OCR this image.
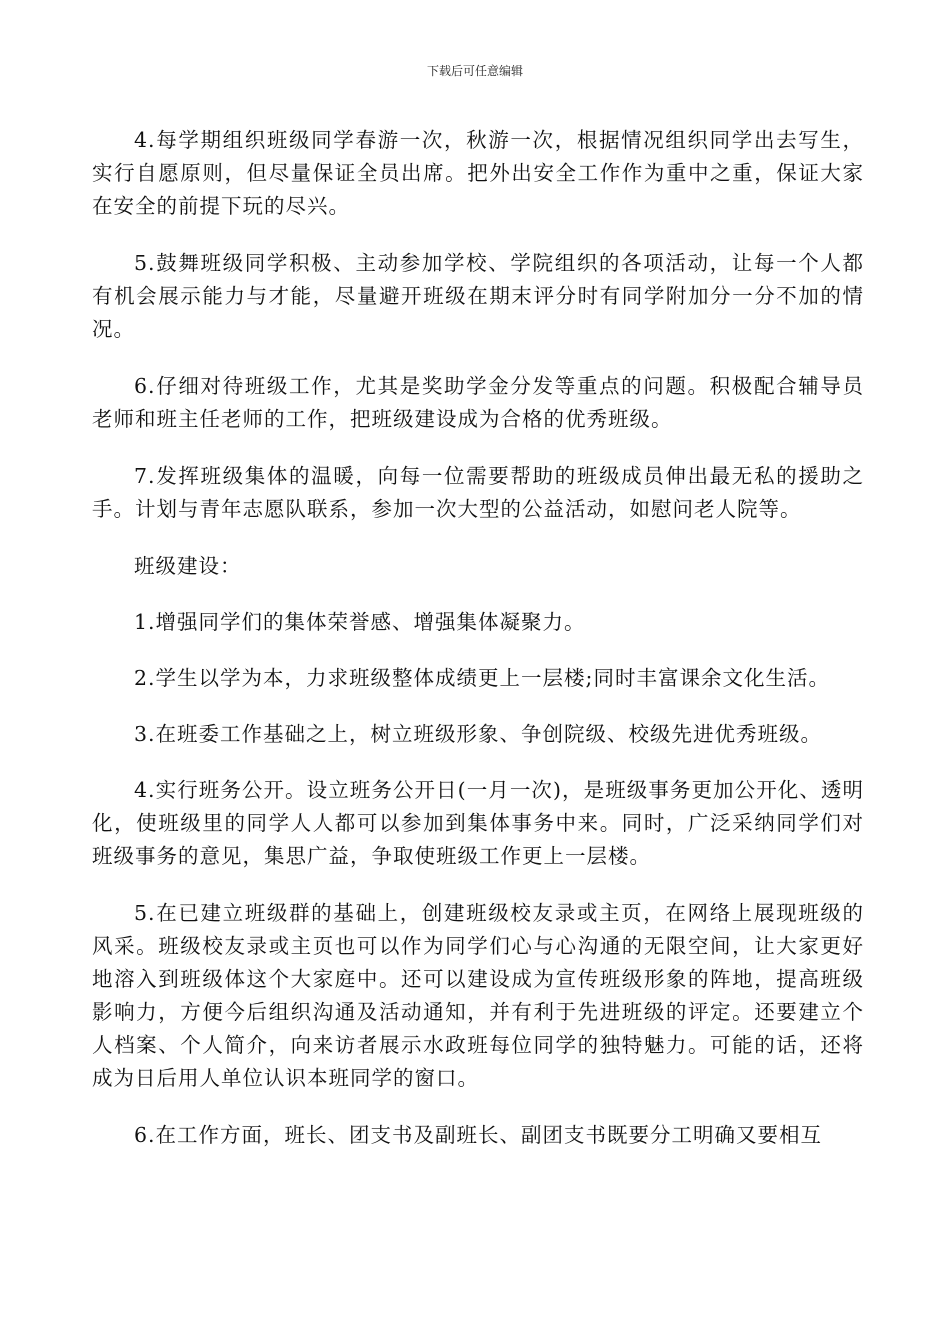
下载后可任意编辑

4.每学期组织班级同学春游一次，秋游一次，根据情况组织同学出去写生，实行自愿原则，但尽量保证全员出席。把外出安全工作作为重中之重，保证大家在安全的前提下玩的尽兴。

5.鼓舞班级同学积极、主动参加学校、学院组织的各项活动，让每一个人都有机会展示能力与才能，尽量避开班级在期末评分时有同学附加分一分不加的情况。

6.仔细对待班级工作，尤其是奖助学金分发等重点的问题。积极配合辅导员老师和班主任老师的工作，把班级建设成为合格的优秀班级。

7.发挥班级集体的温暖，向每一位需要帮助的班级成员伸出最无私的援助之手。计划与青年志愿队联系，参加一次大型的公益活动，如慰问老人院等。

班级建设：

1.增强同学们的集体荣誉感、增强集体凝聚力。

2.学生以学为本，力求班级整体成绩更上一层楼;同时丰富课余文化生活。

3.在班委工作基础之上，树立班级形象、争创院级、校级先进优秀班级。

4.实行班务公开。设立班务公开日(一月一次)，是班级事务更加公开化、透明化，使班级里的同学人人都可以参加到集体事务中来。同时，广泛采纳同学们对班级事务的意见，集思广益，争取使班级工作更上一层楼。

5.在已建立班级群的基础上，创建班级校友录或主页，在网络上展现班级的风采。班级校友录或主页也可以作为同学们心与心沟通的无限空间，让大家更好地溶入到班级体这个大家庭中。还可以建设成为宣传班级形象的阵地，提高班级影响力，方便今后组织沟通及活动通知，并有利于先进班级的评定。还要建立个人档案、个人简介，向来访者展示水政班每位同学的独特魅力。可能的话，还将成为日后用人单位认识本班同学的窗口。

6.在工作方面，班长、团支书及副班长、副团支书既要分工明确又要相互
